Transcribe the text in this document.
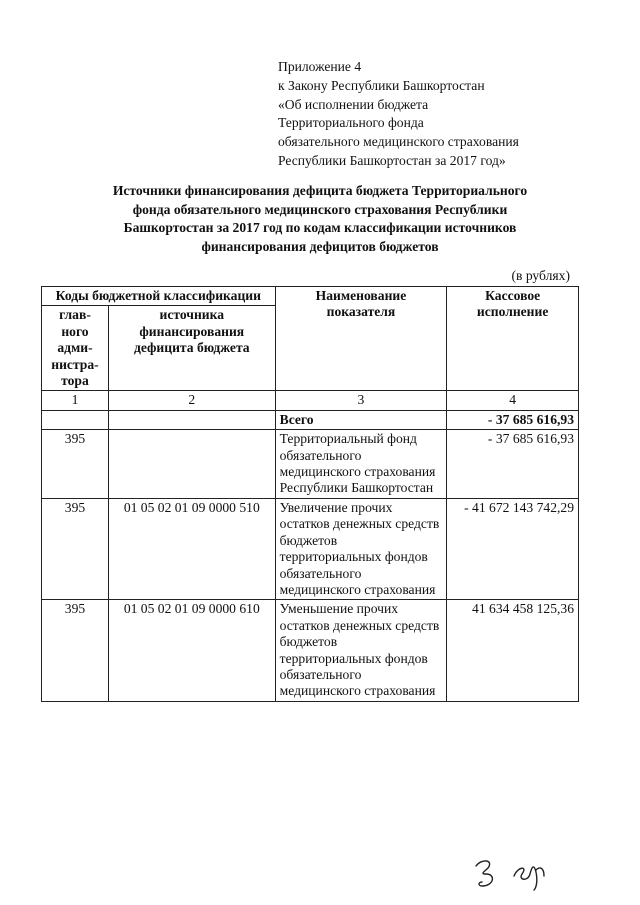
Приложение 4
к Закону Республики Башкортостан
«Об исполнении бюджета
Территориального фонда
обязательного медицинского страхования
Республики Башкортостан за 2017 год»
Источники финансирования дефицита бюджета Территориального
фонда обязательного медицинского страхования Республики
Башкортостан за 2017 год по кодам классификации источников
финансирования дефицитов бюджетов
(в рублях)
Коды бюджетной классификации		Наименование показателя	Кассовое исполнение
глав-
ного
адми-
нистра-
тора	источника финансирования дефицита бюджета		
1	2	3	4
		Всего	- 37 685 616,93
395		Территориальный фонд обязательного медицинского страхования Республики Башкортостан	- 37 685 616,93
395	01 05 02 01 09 0000 510	Увеличение прочих остатков денежных средств бюджетов территориальных фондов обязательного медицинского страхования	- 41 672 143 742,29
395	01 05 02 01 09 0000 610	Уменьшение прочих остатков денежных средств бюджетов территориальных фондов обязательного медицинского страхования	41 634 458 125,36
